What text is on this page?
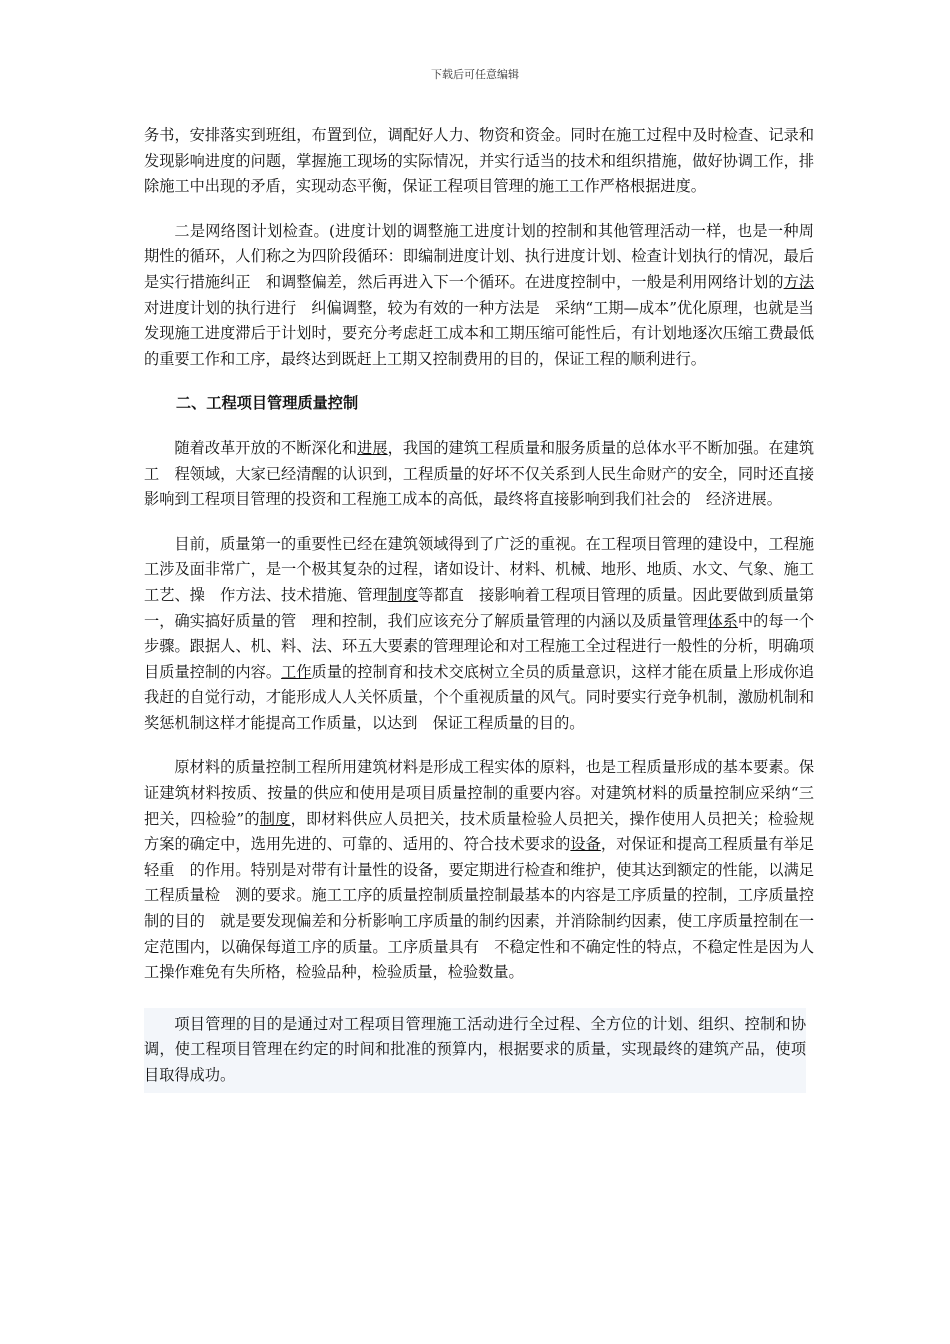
下载后可任意编辑

务书，安排落实到班组，布置到位，调配好人力、物资和资金。同时在施工过程中及时检查、记录和发现影响进度的问题，掌握施工现场的实际情况，并实行适当的技术和组织措施，做好协调工作，排除施工中出现的矛盾，实现动态平衡，保证工程项目管理的施工工作严格根据进度。

二是网络图计划检查。(进度计划的调整施工进度计划的控制和其他管理活动一样，也是一种周期性的循环，人们称之为四阶段循环：即编制进度计划、执行进度计划、检查计划执行的情况，最后是实行措施纠正　和调整偏差，然后再进入下一个循环。在进度控制中，一般是利用网络计划的方法对进度计划的执行进行　纠偏调整，较为有效的一种方法是　采纳“工期—成本”优化原理，也就是当发现施工进度滞后于计划时，要充分考虑赶工成本和工期压缩可能性后，有计划地逐次压缩工费最低的重要工作和工序，最终达到既赶上工期又控制费用的目的，保证工程的顺利进行。

二、工程项目管理质量控制

随着改革开放的不断深化和进展，我国的建筑工程质量和服务质量的总体水平不断加强。在建筑工　程领域，大家已经清醒的认识到，工程质量的好坏不仅关系到人民生命财产的安全，同时还直接影响到工程项目管理的投资和工程施工成本的高低，最终将直接影响到我们社会的　经济进展。

目前，质量第一的重要性已经在建筑领域得到了广泛的重视。在工程项目管理的建设中，工程施工涉及面非常广，是一个极其复杂的过程，诸如设计、材料、机械、地形、地质、水文、气象、施工工艺、操　作方法、技术措施、管理制度等都直　接影响着工程项目管理的质量。因此要做到质量第一，确实搞好质量的管　理和控制，我们应该充分了解质量管理的内涵以及质量管理体系中的每一个步骤。跟据人、机、料、法、环五大要素的管理理论和对工程施工全过程进行一般性的分析，明确项目质量控制的内容。工作质量的控制育和技术交底树立全员的质量意识，这样才能在质量上形成你追我赶的自觉行动，才能形成人人关怀质量，个个重视质量的风气。同时要实行竞争机制，激励机制和奖惩机制这样才能提高工作质量，以达到　保证工程质量的目的。

原材料的质量控制工程所用建筑材料是形成工程实体的原料，也是工程质量形成的基本要素。保证建筑材料按质、按量的供应和使用是项目质量控制的重要内容。对建筑材料的质量控制应采纳“三把关，四检验”的制度，即材料供应人员把关，技术质量检验人员把关，操作使用人员把关；检验规方案的确定中，选用先进的、可靠的、适用的、符合技术要求的设备，对保证和提高工程质量有举足轻重　的作用。特别是对带有计量性的设备，要定期进行检查和维护，使其达到额定的性能，以满足工程质量检　测的要求。施工工序的质量控制质量控制最基本的内容是工序质量的控制，工序质量控制的目的　就是要发现偏差和分析影响工序质量的制约因素，并消除制约因素，使工序质量控制在一定范围内，以确保每道工序的质量。工序质量具有　不稳定性和不确定性的特点，不稳定性是因为人工操作难免有失所格，检验品种，检验质量，检验数量。

项目管理的目的是通过对工程项目管理施工活动进行全过程、全方位的计划、组织、控制和协调，使工程项目管理在约定的时间和批准的预算内，根据要求的质量，实现最终的建筑产品，使项目取得成功。
